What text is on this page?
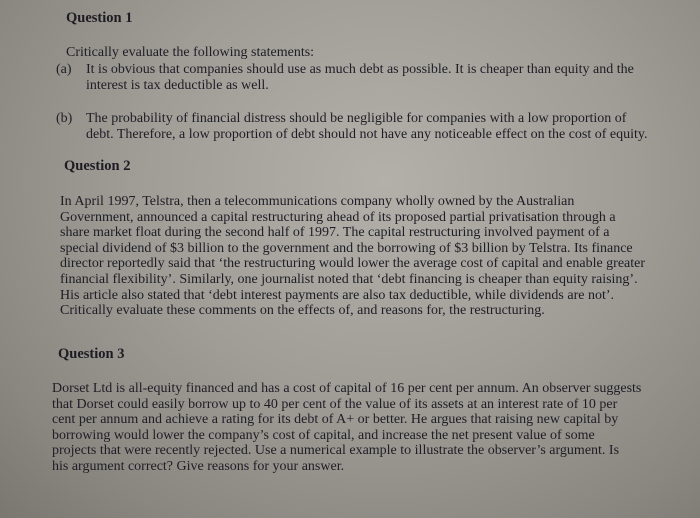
Question 1
Critically evaluate the following statements:
(a) It is obvious that companies should use as much debt as possible. It is cheaper than equity and the
interest is tax deductible as well.
(b) The probability of financial distress should be negligible for companies with a low proportion of
debt. Therefore, a low proportion of debt should not have any noticeable effect on the cost of equity.
Question 2
In April 1997, Telstra, then a telecommunications company wholly owned by the Australian
Government, announced a capital restructuring ahead of its proposed partial privatisation through a
share market float during the second half of 1997. The capital restructuring involved payment of a
special dividend of $3 billion to the government and the borrowing of $3 billion by Telstra. Its finance
director reportedly said that ‘the restructuring would lower the average cost of capital and enable greater
financial flexibility’. Similarly, one journalist noted that ‘debt financing is cheaper than equity raising’.
His article also stated that ‘debt interest payments are also tax deductible, while dividends are not’.
Critically evaluate these comments on the effects of, and reasons for, the restructuring.
Question 3
Dorset Ltd is all-equity financed and has a cost of capital of 16 per cent per annum. An observer suggests
that Dorset could easily borrow up to 40 per cent of the value of its assets at an interest rate of 10 per
cent per annum and achieve a rating for its debt of A+ or better. He argues that raising new capital by
borrowing would lower the company’s cost of capital, and increase the net present value of some
projects that were recently rejected. Use a numerical example to illustrate the observer’s argument. Is
his argument correct? Give reasons for your answer.
